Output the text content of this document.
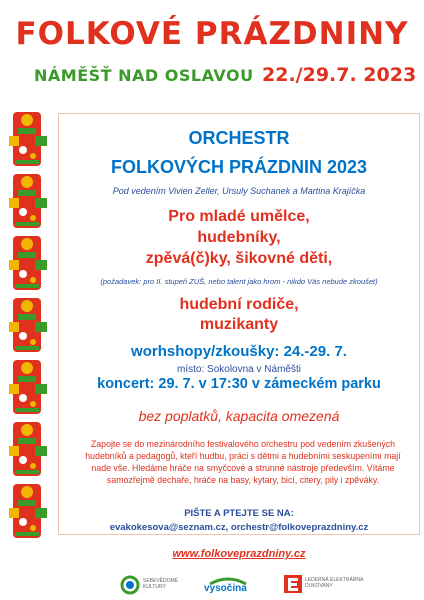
FOLKOVÉ PRÁZDNINY
NÁMĚŠŤ NAD OSLAVOU 22./29.7. 2023
ORCHESTR
FOLKOVÝCH PRÁZDNIN 2023
Pod vedením Vivien Zeller, Ursuly Suchanek a Martina Krajíčka
Pro mladé umělce,
hudebníky,
zpěvá(č)ky, šikovné děti,
(požadavek: pro II. stupeň ZUŠ, nebo talent jako hrom - nikdo Vás nebude zkoušet)
hudební rodiče,
muzikanty
worhshopy/zkoušky: 24.-29. 7.
místo: Sokolovna v Náměšti
koncert: 29. 7. v 17:30 v zámeckém parku
bez poplatků, kapacita omezená
Zapojte se do mezinárodního festivalového orchestru pod vedením zkušených hudebníků a pedagogů, kteří hudbu, práci s dětmi a hudebními seskupeními mají nade vše. Hledáme hráče na smyčcové a strunné nástroje především. Vítáme samozřejmě dechaře, hráče na basy, kytary, bicí, citery, pily i zpěváky.
PIŠTE A PTEJTE SE NA:
evakokesova@seznam.cz, orchestr@folkoveprazdniny.cz
www.folkoveprazdniny.cz
SEBEVĚDOMÉ KULTURY	vysočina
LEDERNÁ ELEKTRÁRNA DUKOVANY
